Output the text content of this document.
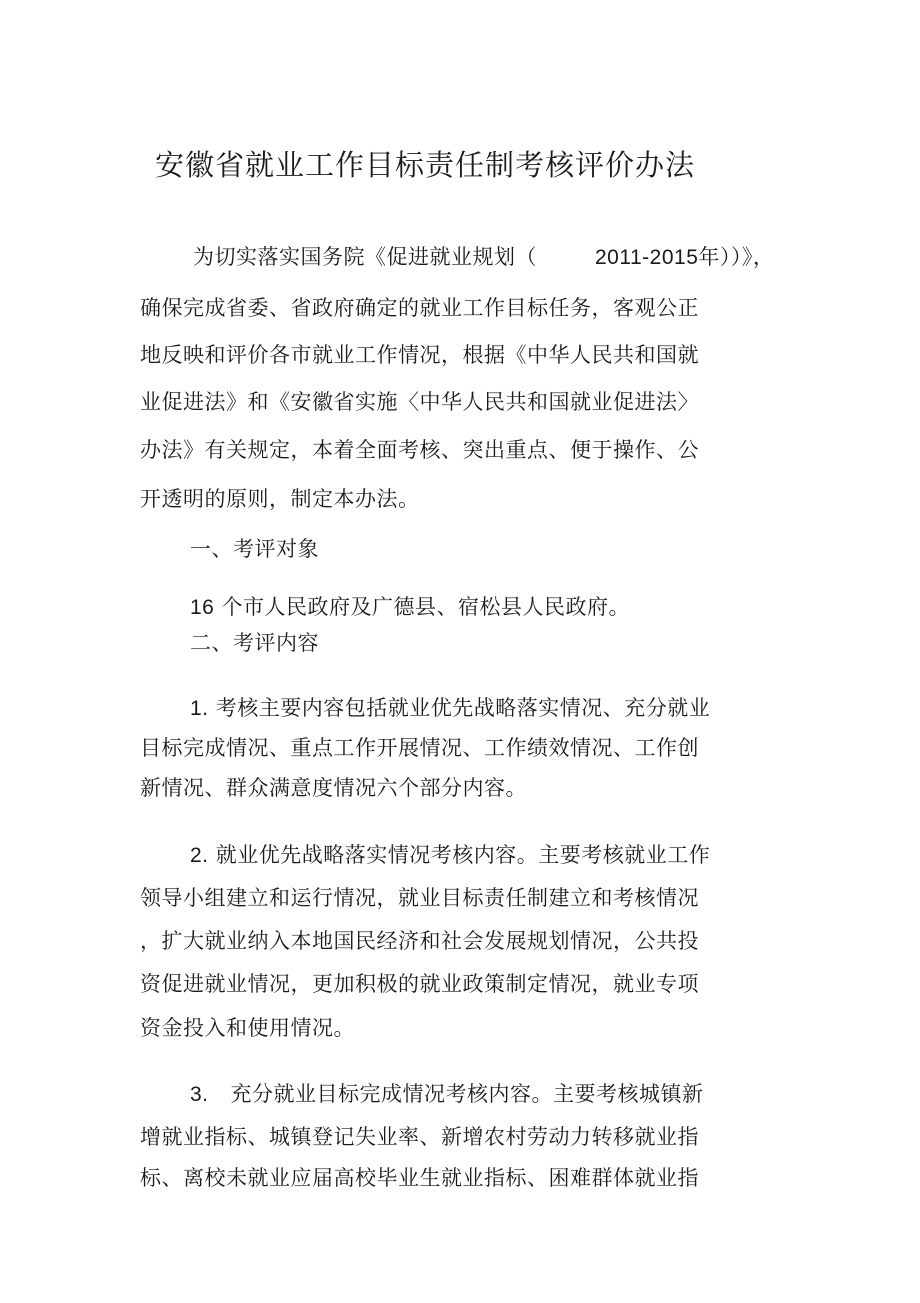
安徽省就业工作目标责任制考核评价办法
为切实落实国务院《促进就业规划（	2011-2015年））》，
确保完成省委、省政府确定的就业工作目标任务，客观公正
地反映和评价各市就业工作情况，根据《中华人民共和国就
业促进法》和《安徽省实施〈中华人民共和国就业促进法〉
办法》有关规定，本着全面考核、突出重点、便于操作、公
开透明的原则，制定本办法。
一、考评对象
16 个市人民政府及广德县、宿松县人民政府。
二、考评内容
1. 考核主要内容包括就业优先战略落实情况、充分就业
目标完成情况、重点工作开展情况、工作绩效情况、工作创
新情况、群众满意度情况六个部分内容。
2. 就业优先战略落实情况考核内容。主要考核就业工作
领导小组建立和运行情况，就业目标责任制建立和考核情况
，扩大就业纳入本地国民经济和社会发展规划情况，公共投
资促进就业情况，更加积极的就业政策制定情况，就业专项
资金投入和使用情况。
3. 充分就业目标完成情况考核内容。主要考核城镇新
增就业指标、城镇登记失业率、新增农村劳动力转移就业指
标、离校未就业应届高校毕业生就业指标、困难群体就业指
